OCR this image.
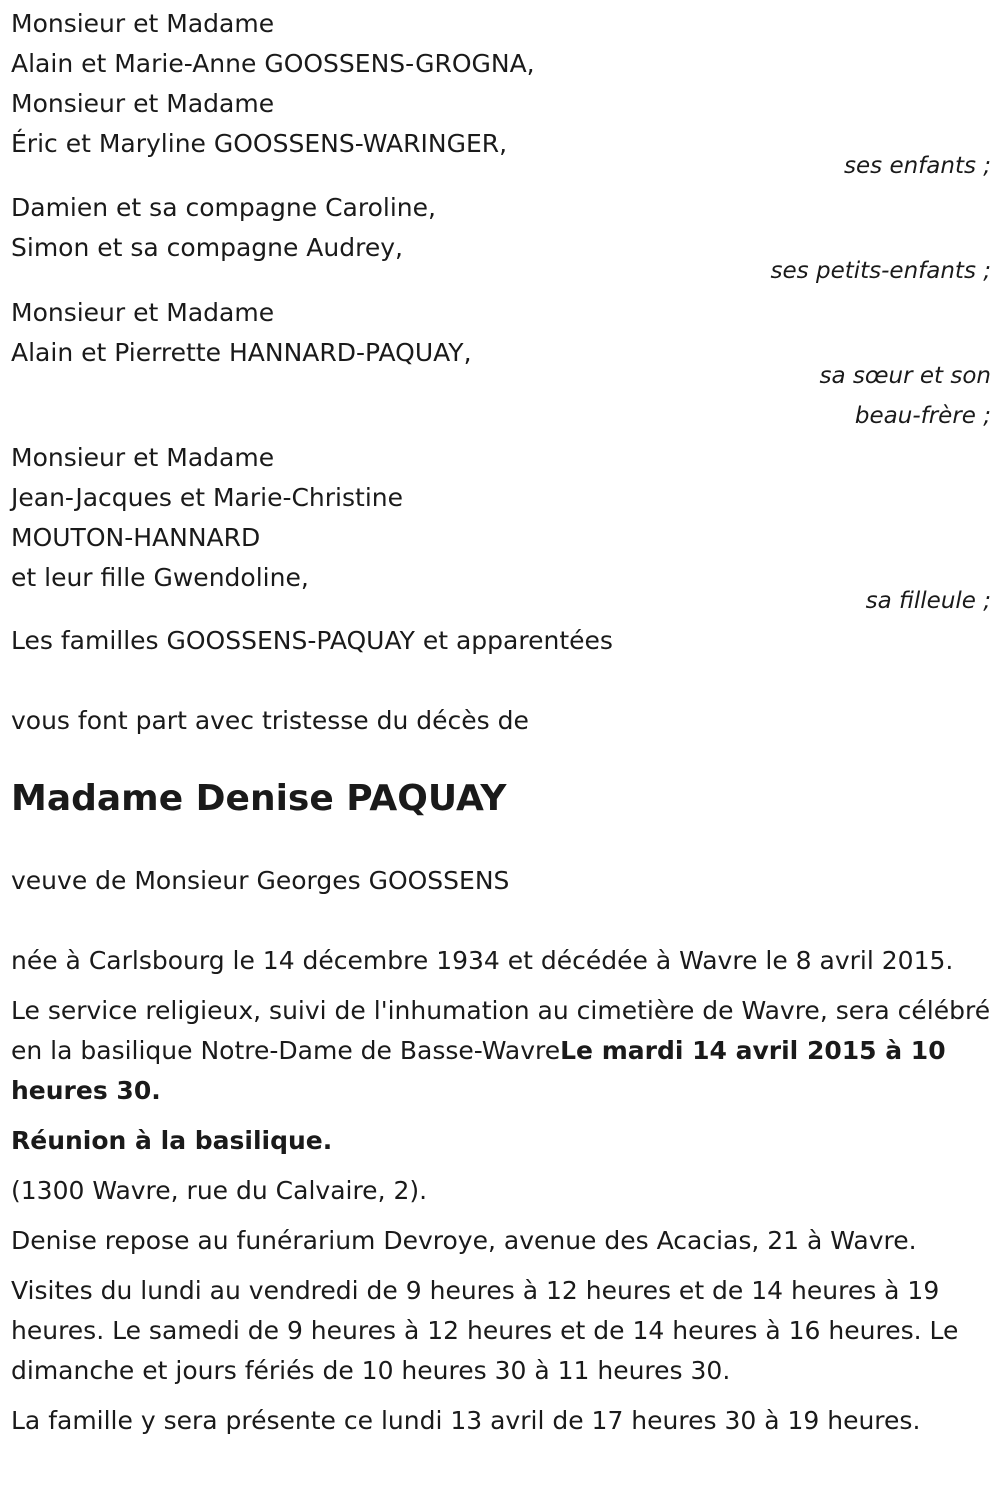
Monsieur et Madame
Alain et Marie-Anne GOOSSENS-GROGNA,
Monsieur et Madame
Éric et Maryline GOOSSENS-WARINGER,
ses enfants ;
Damien et sa compagne Caroline,
Simon et sa compagne Audrey,
ses petits-enfants ;
Monsieur et Madame
Alain et Pierrette HANNARD-PAQUAY,
sa sœur et son
beau-frère ;
Monsieur et Madame
Jean-Jacques et Marie-Christine
MOUTON-HANNARD
et leur fille Gwendoline,
sa filleule ;
Les familles GOOSSENS-PAQUAY et apparentées
vous font part avec tristesse du décès de
Madame Denise PAQUAY
veuve de Monsieur Georges GOOSSENS
née à Carlsbourg le 14 décembre 1934 et décédée à Wavre le 8 avril 2015.
Le service religieux, suivi de l'inhumation au cimetière de Wavre, sera célébré en la basilique Notre-Dame de Basse-WavreLe mardi 14 avril 2015 à 10 heures 30.
Réunion à la basilique.
(1300 Wavre, rue du Calvaire, 2).
Denise repose au funérarium Devroye, avenue des Acacias, 21 à Wavre.
Visites du lundi au vendredi de 9 heures à 12 heures et de 14 heures à 19 heures. Le samedi de 9 heures à 12 heures et de 14 heures à 16 heures. Le dimanche et jours fériés de 10 heures 30 à 11 heures 30.
La famille y sera présente ce lundi 13 avril de 17 heures 30 à 19 heures.
